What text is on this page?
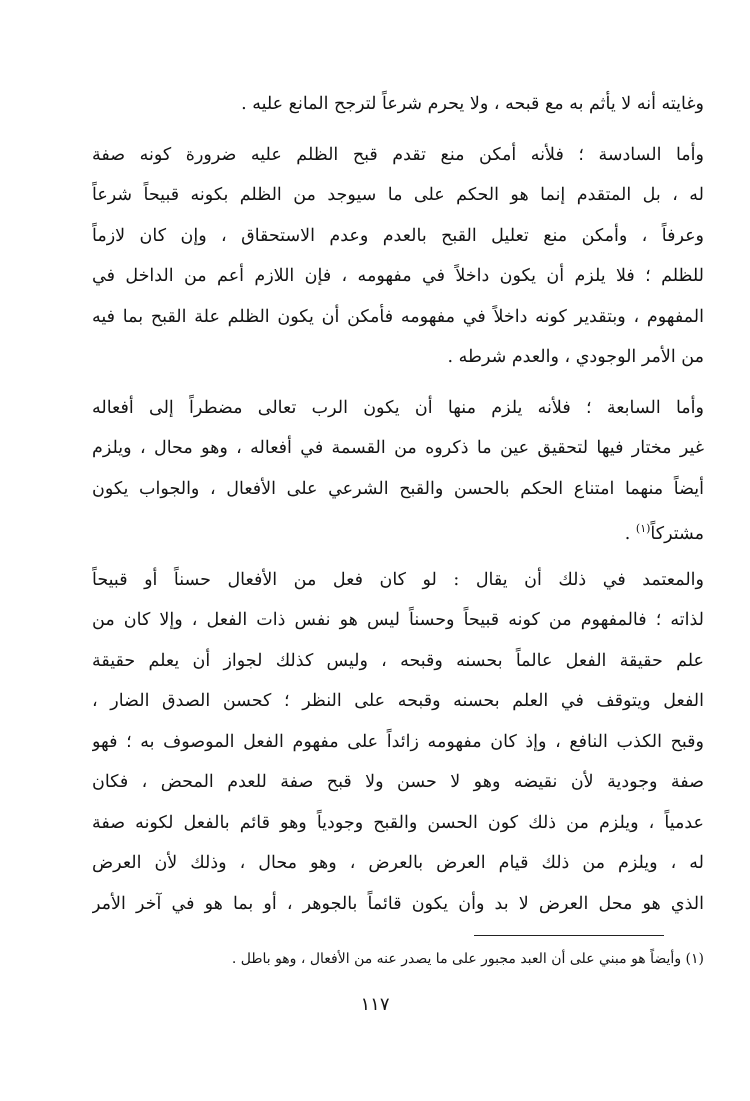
وغايته أنه لا يأثم به مع قبحه ، ولا يحرم شرعاً لترجح المانع عليه .
وأما السادسة ؛ فلأنه أمكن منع تقدم قبح الظلم عليه ضرورة كونه صفة
له ، بل المتقدم إنما هو الحكم على ما سيوجد من الظلم بكونه قبيحاً شرعاً
وعرفاً ، وأمكن منع تعليل القبح بالعدم وعدم الاستحقاق ، وإن كان لازماً
للظلم ؛ فلا يلزم أن يكون داخلاً في مفهومه ، فإن اللازم أعم من الداخل في
المفهوم ، وبتقدير كونه داخلاً في مفهومه فأمكن أن يكون الظلم علة القبح بما فيه
من الأمر الوجودي ، والعدم شرطه .
وأما السابعة ؛ فلأنه يلزم منها أن يكون الرب تعالى مضطراً إلى أفعاله
غير مختار فيها لتحقيق عين ما ذكروه من القسمة في أفعاله ، وهو محال ، ويلزم
أيضاً منهما امتناع الحكم بالحسن والقبح الشرعي على الأفعال ، والجواب يكون
مشتركاً$^{(١)}$ .
والمعتمد في ذلك أن يقال : لو كان فعل من الأفعال حسناً أو قبيحاً
لذاته ؛ فالمفهوم من كونه قبيحاً وحسناً ليس هو نفس ذات الفعل ، وإلا كان من
علم حقيقة الفعل عالماً بحسنه وقبحه ، وليس كذلك لجواز أن يعلم حقيقة
الفعل ويتوقف في العلم بحسنه وقبحه على النظر ؛ كحسن الصدق الضار ،
وقبح الكذب النافع ، وإذ كان مفهومه زائداً على مفهوم الفعل الموصوف به ؛ فهو
صفة وجودية لأن نقيضه وهو لا حسن ولا قبح صفة للعدم المحض ، فكان
عدمياً ، ويلزم من ذلك كون الحسن والقبح وجودياً وهو قائم بالفعل لكونه صفة
له ، ويلزم من ذلك قيام العرض بالعرض ، وهو محال ، وذلك لأن العرض
الذي هو محل العرض لا بد وأن يكون قائماً بالجوهر ، أو بما هو في آخر الأمر
(١) وأيضاً هو مبني على أن العبد مجبور على ما يصدر عنه من الأفعال ، وهو باطل .
١١٧
